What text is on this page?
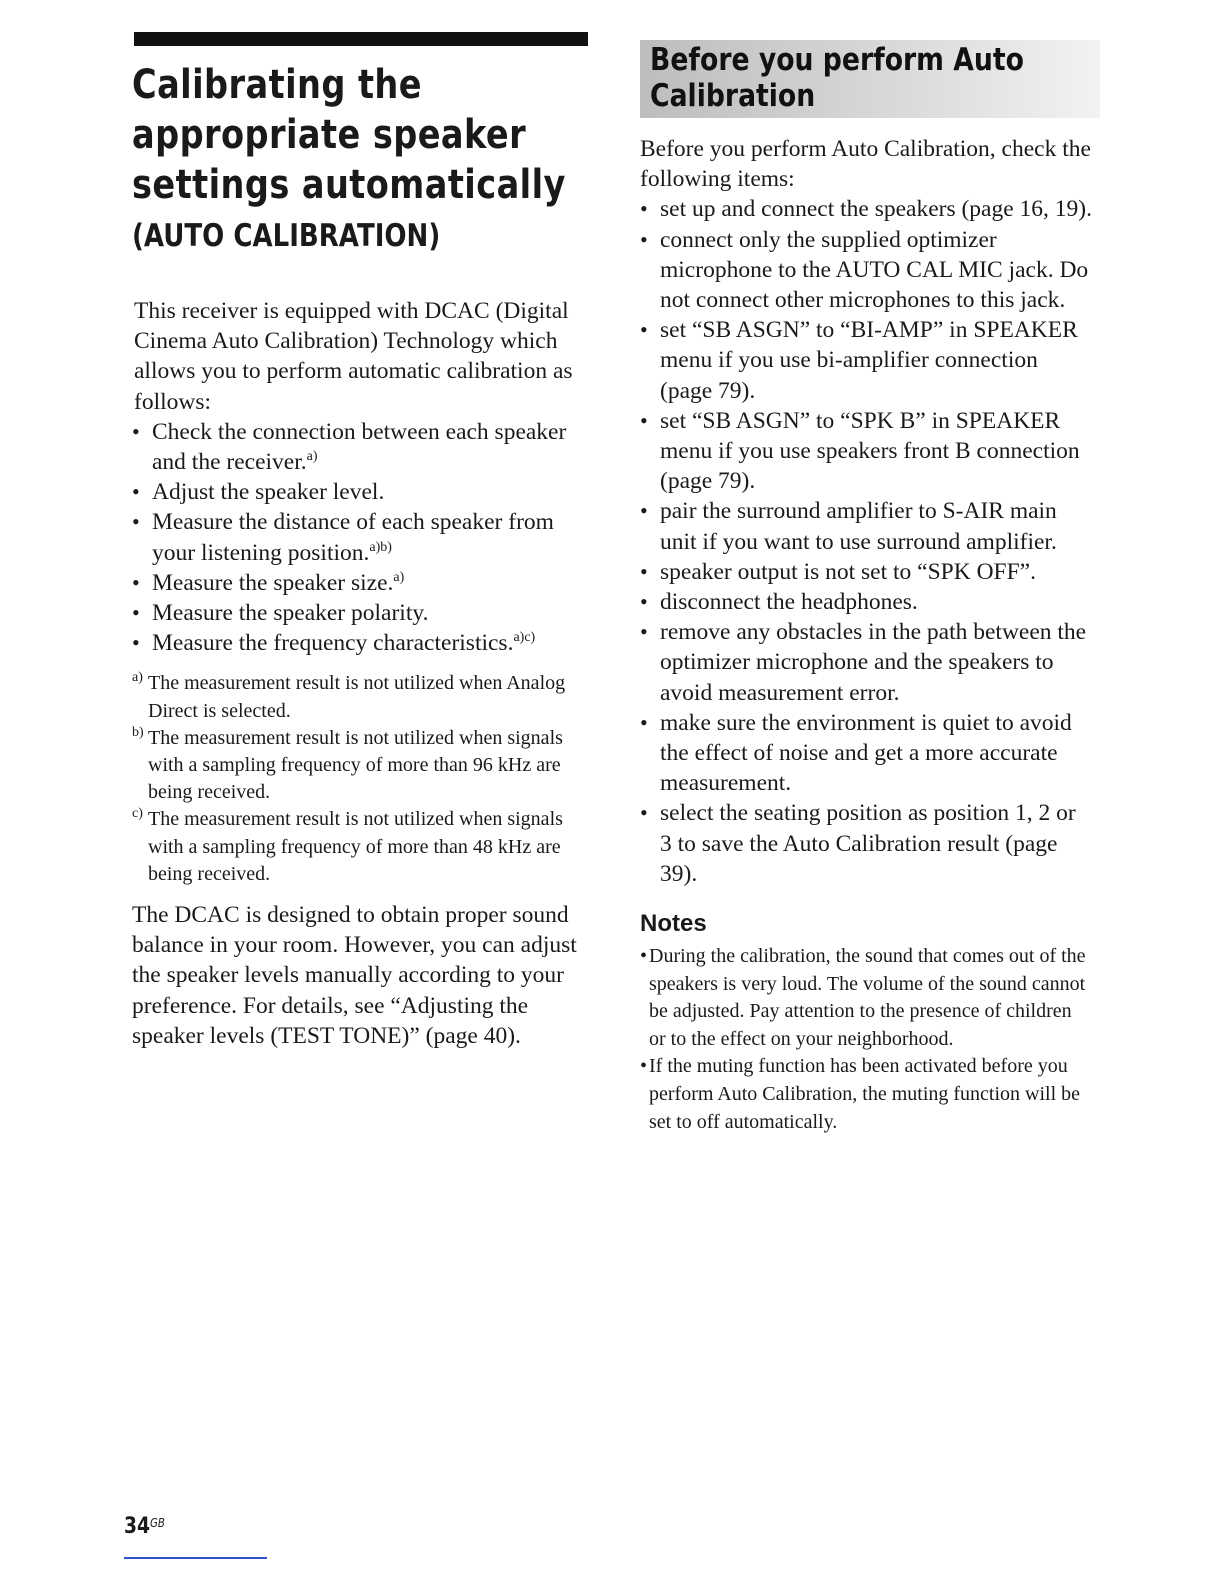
Calibrating the appropriate speaker settings automatically
(AUTO CALIBRATION)

This receiver is equipped with DCAC (Digital Cinema Auto Calibration) Technology which allows you to perform automatic calibration as follows:

• Check the connection between each speaker and the receiver.$^{a)}$
• Adjust the speaker level.
• Measure the distance of each speaker from your listening position.$^{a)b)}$
• Measure the speaker size.$^{a)}$
• Measure the speaker polarity.
• Measure the frequency characteristics.$^{a)c)}$
a) The measurement result is not utilized when Analog Direct is selected.
b) The measurement result is not utilized when signals with a sampling frequency of more than 96 kHz are being received.
c) The measurement result is not utilized when signals with a sampling frequency of more than 48 kHz are being received.

The DCAC is designed to obtain proper sound balance in your room. However, you can adjust the speaker levels manually according to your preference. For details, see “Adjusting the speaker levels (TEST TONE)” (page 40).

Before you perform Auto Calibration

Before you perform Auto Calibration, check the following items:

• set up and connect the speakers (page 16, 19).
• connect only the supplied optimizer microphone to the AUTO CAL MIC jack. Do not connect other microphones to this jack.
• set “SB ASGN” to “BI-AMP” in SPEAKER menu if you use bi-amplifier connection (page 79).
• set “SB ASGN” to “SPK B” in SPEAKER menu if you use speakers front B connection (page 79).
• pair the surround amplifier to S-AIR main unit if you want to use surround amplifier.
• speaker output is not set to “SPK OFF”.
• disconnect the headphones.
• remove any obstacles in the path between the optimizer microphone and the speakers to avoid measurement error.
• make sure the environment is quiet to avoid the effect of noise and get a more accurate measurement.
• select the seating position as position 1, 2 or 3 to save the Auto Calibration result (page 39).
Notes
• During the calibration, the sound that comes out of the speakers is very loud. The volume of the sound cannot be adjusted. Pay attention to the presence of children or to the effect on your neighborhood.
• If the muting function has been activated before you perform Auto Calibration, the muting function will be set to off automatically.
$34^{GB}$
